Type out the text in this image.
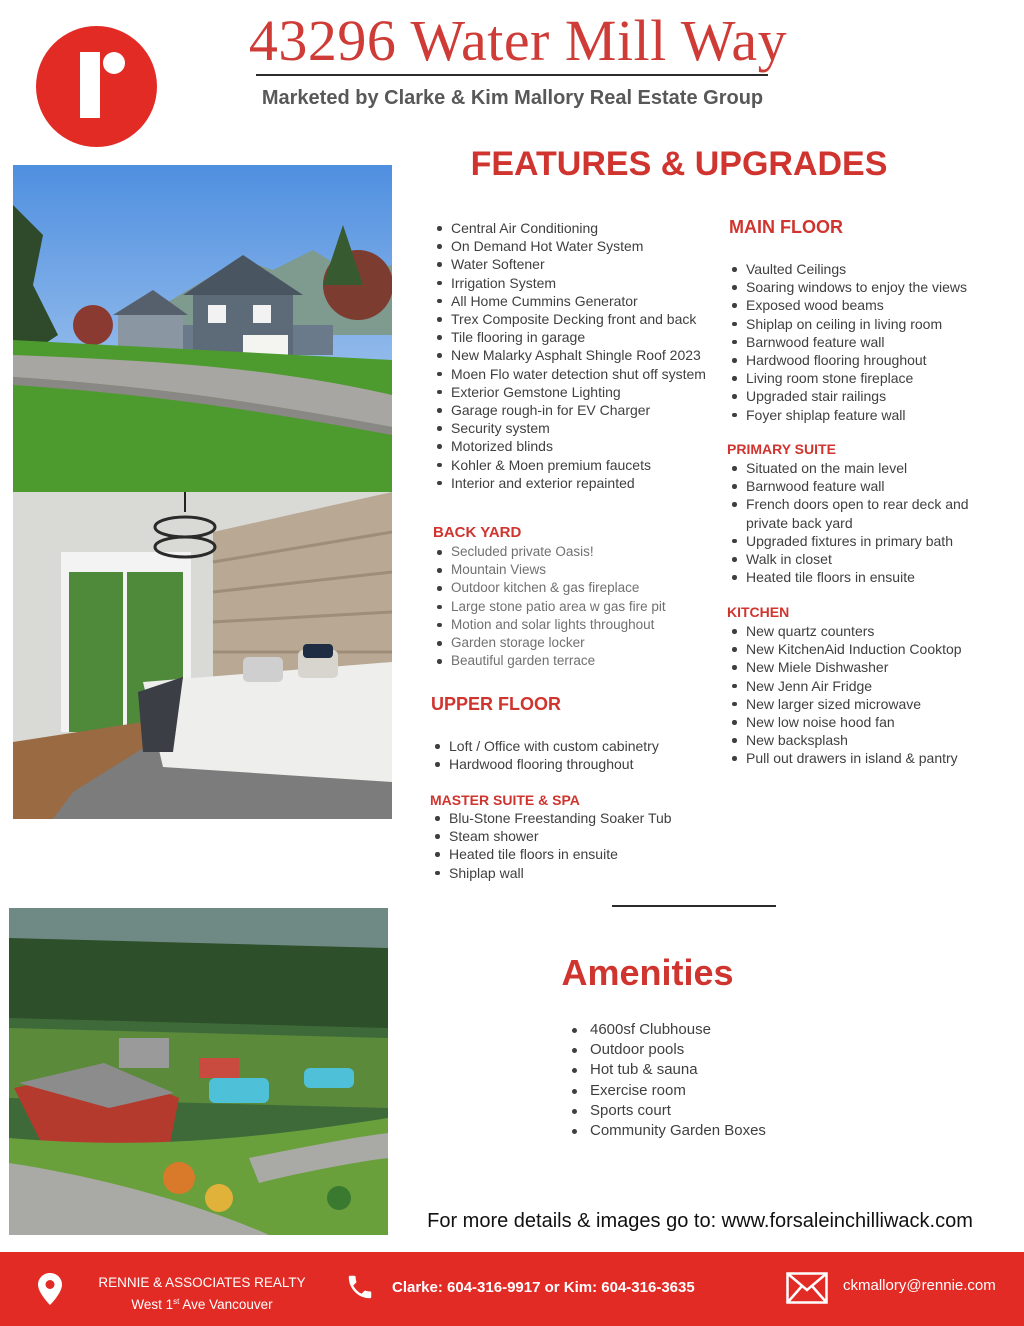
43296 Water Mill Way
Marketed by Clarke & Kim Mallory Real Estate Group
FEATURES & UPGRADES
Central Air Conditioning
On Demand Hot Water System
Water Softener
Irrigation System
All Home Cummins Generator
Trex Composite Decking front and back
Tile flooring in garage
New Malarky Asphalt Shingle Roof 2023
Moen Flo water detection shut off system
Exterior Gemstone Lighting
Garage rough-in for EV Charger
Security system
Motorized blinds
Kohler & Moen premium faucets
Interior and exterior repainted
BACK YARD
Secluded private Oasis!
Mountain Views
Outdoor kitchen & gas fireplace
Large stone patio area w gas fire pit
Motion and solar lights throughout
Garden storage locker
Beautiful garden terrace
UPPER FLOOR
Loft / Office with custom cabinetry
Hardwood flooring throughout
MASTER SUITE & SPA
Blu-Stone Freestanding Soaker Tub
Steam shower
Heated tile floors in ensuite
Shiplap wall
MAIN FLOOR
Vaulted Ceilings
Soaring windows to enjoy the views
Exposed wood beams
Shiplap on ceiling in living room
Barnwood feature wall
Hardwood flooring hroughout
Living room stone fireplace
Upgraded stair railings
Foyer shiplap feature wall
PRIMARY SUITE
Situated on the main level
Barnwood feature wall
French doors open to rear deck and private back yard
Upgraded fixtures in primary bath
Walk in closet
Heated tile floors in ensuite
KITCHEN
New quartz counters
New KitchenAid Induction Cooktop
New Miele Dishwasher
New Jenn Air Fridge
New larger sized microwave
New low noise hood fan
New backsplash
Pull out drawers in island & pantry
Amenities
4600sf Clubhouse
Outdoor pools
Hot tub & sauna
Exercise room
Sports court
Community Garden Boxes
For more details & images go to: www.forsaleinchilliwack.com
RENNIE & ASSOCIATES REALTY
West 1st Ave Vancouver
Clarke: 604-316-9917 or Kim: 604-316-3635	ckmallory@rennie.com
